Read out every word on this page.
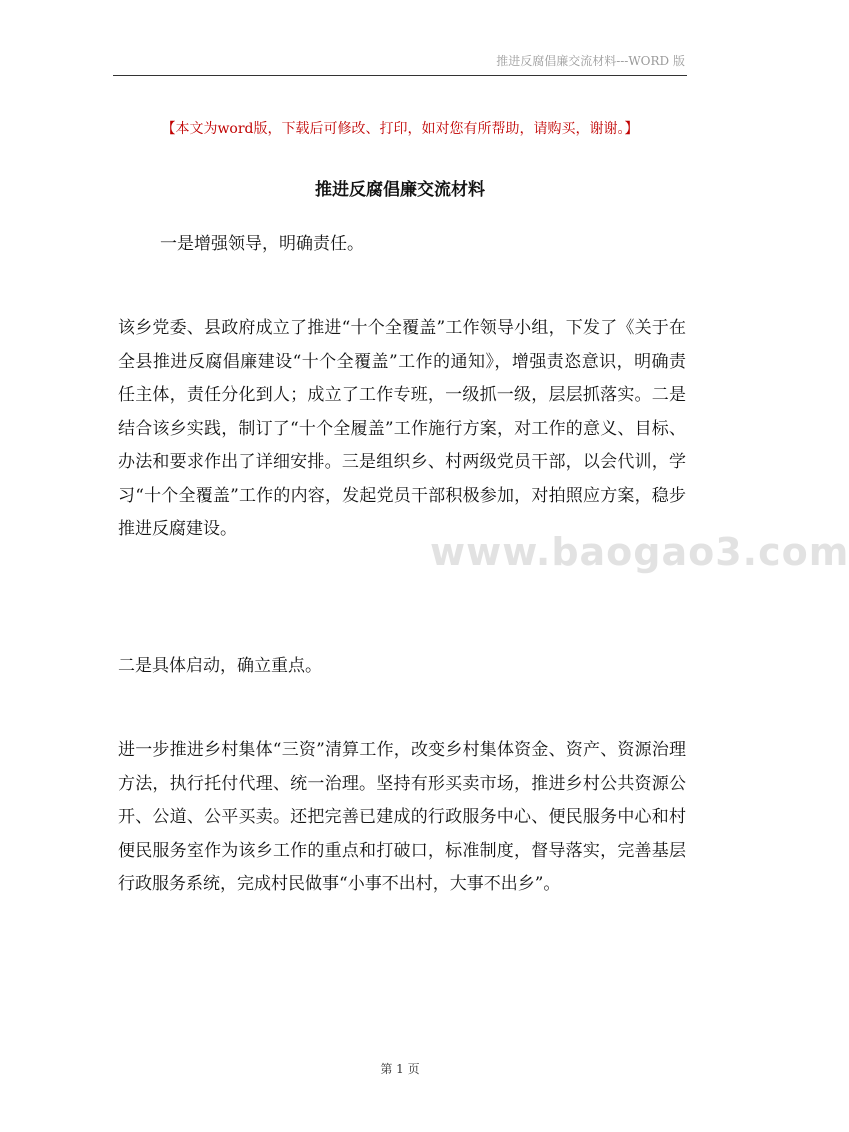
推进反腐倡廉交流材料---WORD 版
【本文为word版，下载后可修改、打印，如对您有所帮助，请购买，谢谢。】
推进反腐倡廉交流材料

一是增强领导，明确责任。

该乡党委、县政府成立了推进“十个全覆盖”工作领导小组，下发了《关于在全县推进反腐倡廉建设“十个全覆盖”工作的通知》，增强责恣意识，明确责任主体，责任分化到人；成立了工作专班，一级抓一级，层层抓落实。二是结合该乡实践，制订了“十个全履盖”工作施行方案，对工作的意义、目标、办法和要求作出了详细安排。三是组织乡、村两级党员干部，以会代训，学习“十个全覆盖”工作的内容，发起党员干部积极参加，对拍照应方案，稳步推进反腐建设。

二是具体启动，确立重点。

进一步推进乡村集体“三资”清算工作，改变乡村集体资金、资产、资源治理方法，执行托付代理、统一治理。坚持有形买卖市场，推进乡村公共资源公开、公道、公平买卖。还把完善已建成的行政服务中心、便民服务中心和村便民服务室作为该乡工作的重点和打破口，标准制度，督导落实，完善基层行政服务系统，完成村民做事“小事不出村，大事不出乡”。

www.baogao3.com
第 1 页
